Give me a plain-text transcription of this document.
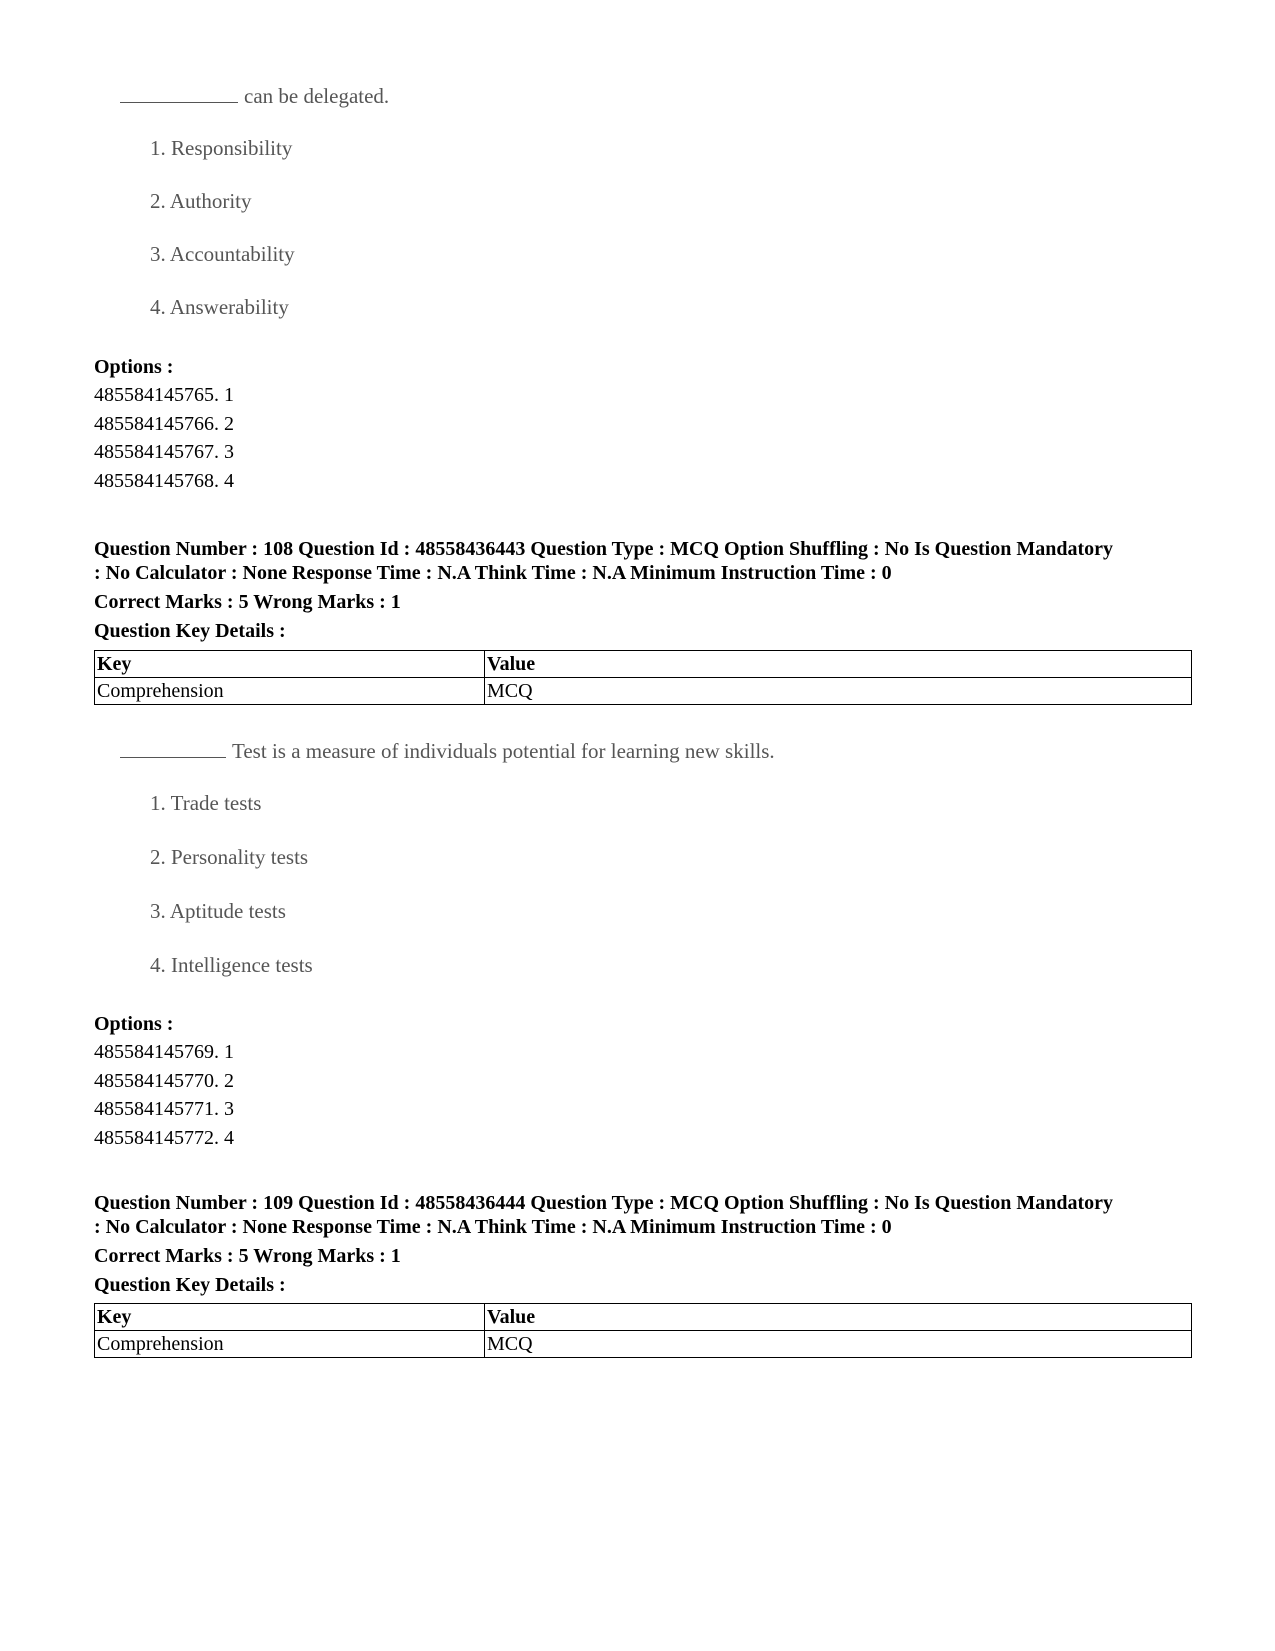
can be delegated.
1. Responsibility
2. Authority
3. Accountability
4. Answerability
Options :
485584145765. 1
485584145766. 2
485584145767. 3
485584145768. 4
Question Number : 108 Question Id : 48558436443 Question Type : MCQ Option Shuffling : No Is Question Mandatory
: No Calculator : None Response Time : N.A Think Time : N.A Minimum Instruction Time : 0
Correct Marks : 5 Wrong Marks : 1
Question Key Details :
Key	Value
Comprehension	MCQ
Test is a measure of individuals potential for learning new skills.
1. Trade tests
2. Personality tests
3. Aptitude tests
4. Intelligence tests
Options :
485584145769. 1
485584145770. 2
485584145771. 3
485584145772. 4
Question Number : 109 Question Id : 48558436444 Question Type : MCQ Option Shuffling : No Is Question Mandatory
: No Calculator : None Response Time : N.A Think Time : N.A Minimum Instruction Time : 0
Correct Marks : 5 Wrong Marks : 1
Question Key Details :
Key	Value
Comprehension	MCQ
